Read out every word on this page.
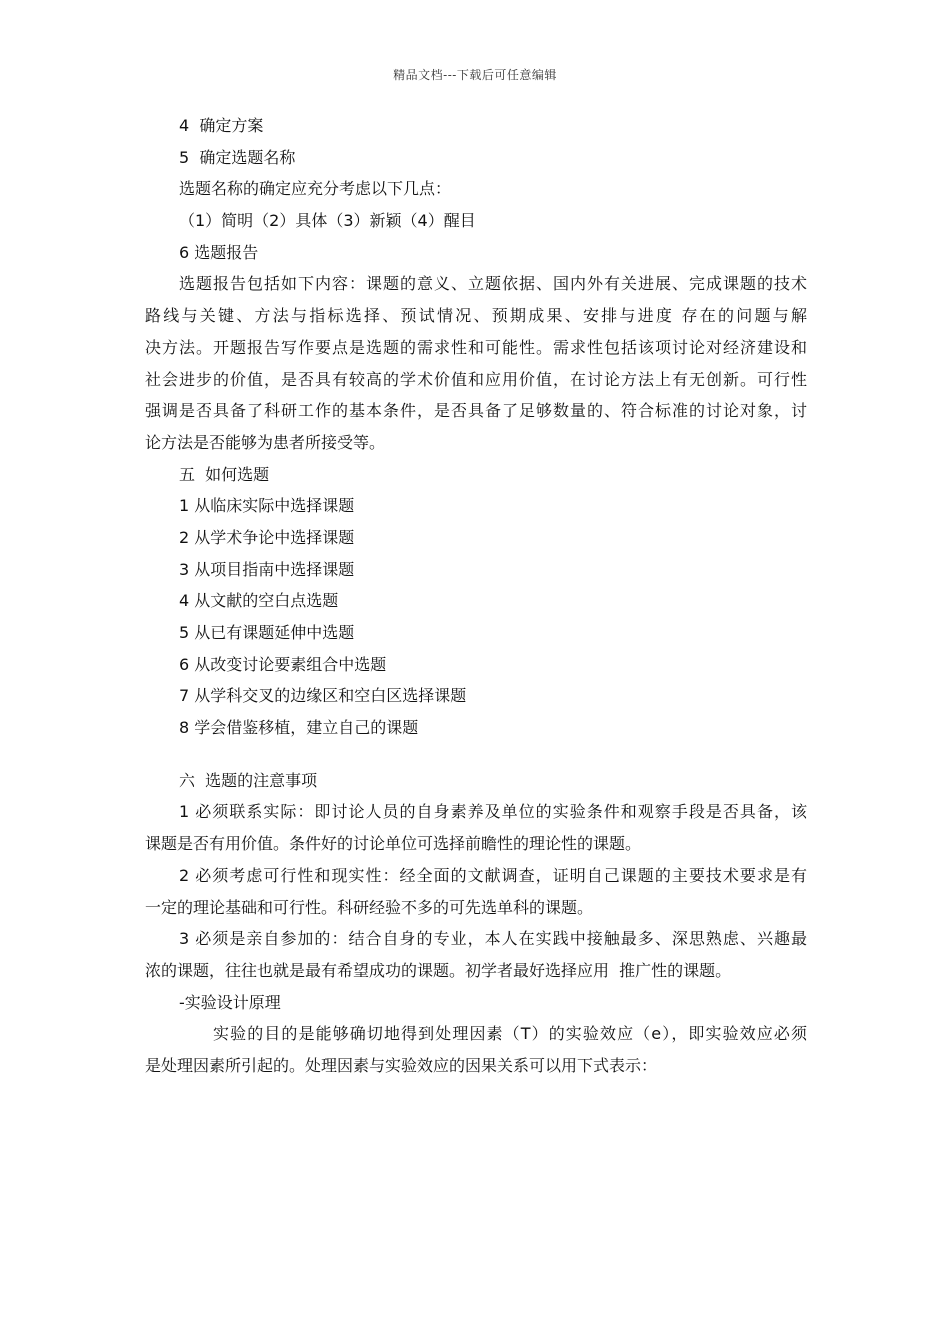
精品文档---下载后可任意编辑
4  确定方案
5  确定选题名称
选题名称的确定应充分考虑以下几点：
（1）简明（2）具体（3）新颖（4）醒目
6 选题报告
选题报告包括如下内容：课题的意义、立题依据、国内外有关进展、完成课题的技术
路线与关键、方法与指标选择、预试情况、预期成果、安排与进度 存在的问题与解
决方法。开题报告写作要点是选题的需求性和可能性。需求性包括该项讨论对经济建设和
社会进步的价值，是否具有较高的学术价值和应用价值，在讨论方法上有无创新。可行性
强调是否具备了科研工作的基本条件，是否具备了足够数量的、符合标准的讨论对象，讨
论方法是否能够为患者所接受等。
五  如何选题
1 从临床实际中选择课题
2 从学术争论中选择课题
3 从项目指南中选择课题
4 从文献的空白点选题
5 从已有课题延伸中选题
6 从改变讨论要素组合中选题
7 从学科交叉的边缘区和空白区选择课题
8 学会借鉴移植，建立自己的课题
六  选题的注意事项
1 必须联系实际：即讨论人员的自身素养及单位的实验条件和观察手段是否具备，该
课题是否有用价值。条件好的讨论单位可选择前瞻性的理论性的课题。
2 必须考虑可行性和现实性：经全面的文献调查，证明自己课题的主要技术要求是有
一定的理论基础和可行性。科研经验不多的可先选单科的课题。
3 必须是亲自参加的：结合自身的专业，本人在实践中接触最多、深思熟虑、兴趣最
浓的课题，往往也就是最有希望成功的课题。初学者最好选择应用  推广性的课题。
-实验设计原理
实验的目的是能够确切地得到处理因素（T）的实验效应（e），即实验效应必须
是处理因素所引起的。处理因素与实验效应的因果关系可以用下式表示：
